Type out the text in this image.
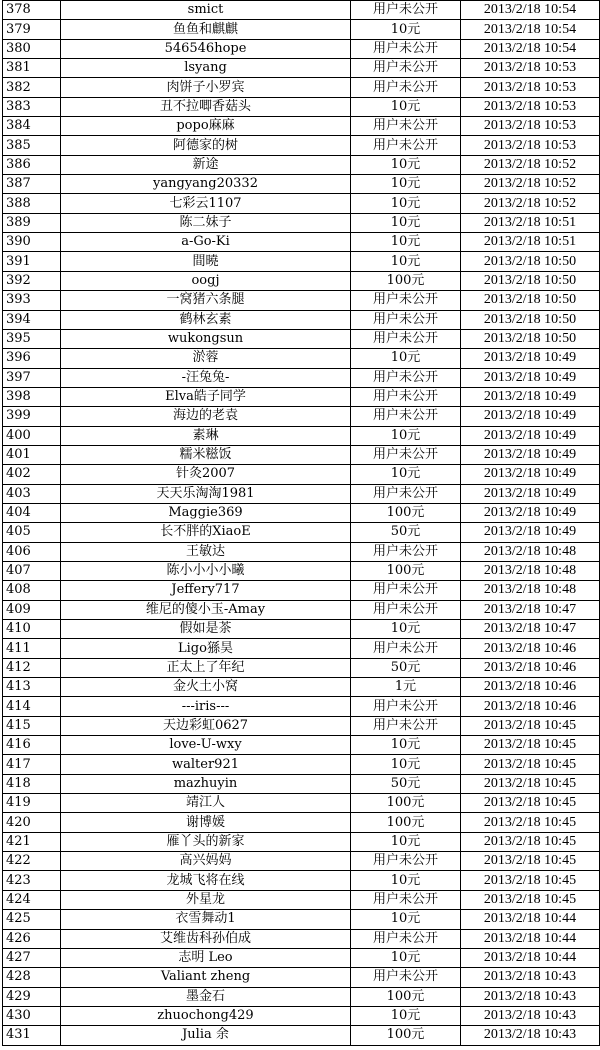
378	smict	用户未公开	2013/2/18 10:54
379	鱼鱼和麒麒	10元	2013/2/18 10:54
380	546546hope	用户未公开	2013/2/18 10:54
381	lsyang	用户未公开	2013/2/18 10:53
382	肉饼子小罗宾	用户未公开	2013/2/18 10:53
383	丑不拉唧香菇头	10元	2013/2/18 10:53
384	popo麻麻	用户未公开	2013/2/18 10:53
385	阿德家的树	用户未公开	2013/2/18 10:53
386	新途	10元	2013/2/18 10:52
387	yangyang20332	10元	2013/2/18 10:52
388	七彩云1107	10元	2013/2/18 10:52
389	陈二妹子	10元	2013/2/18 10:51
390	a-Go-Ki	10元	2013/2/18 10:51
391	間曉	10元	2013/2/18 10:50
392	oogj	100元	2013/2/18 10:50
393	一窝猪六条腿	用户未公开	2013/2/18 10:50
394	鹤林玄素	用户未公开	2013/2/18 10:50
395	wukongsun	用户未公开	2013/2/18 10:50
396	淤蓉	10元	2013/2/18 10:49
397	-汪兔兔-	用户未公开	2013/2/18 10:49
398	Elva皓子同学	用户未公开	2013/2/18 10:49
399	海边的老袁	用户未公开	2013/2/18 10:49
400	素琳	10元	2013/2/18 10:49
401	糯米糍饭	用户未公开	2013/2/18 10:49
402	针灸2007	10元	2013/2/18 10:49
403	天天乐淘淘1981	用户未公开	2013/2/18 10:49
404	Maggie369	100元	2013/2/18 10:49
405	长不胖的XiaoE	50元	2013/2/18 10:49
406	王敏达	用户未公开	2013/2/18 10:48
407	陈小小小小曦	100元	2013/2/18 10:48
408	Jeffery717	用户未公开	2013/2/18 10:48
409	维尼的傻小玉-Amay	用户未公开	2013/2/18 10:47
410	假如是茶	10元	2013/2/18 10:47
411	Ligo猻昊	用户未公开	2013/2/18 10:46
412	正太上了年纪	50元	2013/2/18 10:46
413	金火土小窝	1元	2013/2/18 10:46
414	---iris---	用户未公开	2013/2/18 10:46
415	天边彩虹0627	用户未公开	2013/2/18 10:45
416	love-U-wxy	10元	2013/2/18 10:45
417	walter921	10元	2013/2/18 10:45
418	mazhuyin	50元	2013/2/18 10:45
419	靖江人	100元	2013/2/18 10:45
420	谢博媛	100元	2013/2/18 10:45
421	雁丫头的新家	10元	2013/2/18 10:45
422	高兴妈妈	用户未公开	2013/2/18 10:45
423	龙城飞将在线	10元	2013/2/18 10:45
424	外星龙	用户未公开	2013/2/18 10:45
425	衣雪舞动1	10元	2013/2/18 10:44
426	艾维齿科孙伯成	用户未公开	2013/2/18 10:44
427	志明 Leo	10元	2013/2/18 10:44
428	Valiant zheng	用户未公开	2013/2/18 10:43
429	墨金石	100元	2013/2/18 10:43
430	zhuochong429	10元	2013/2/18 10:43
431	Julia 余	100元	2013/2/18 10:43
